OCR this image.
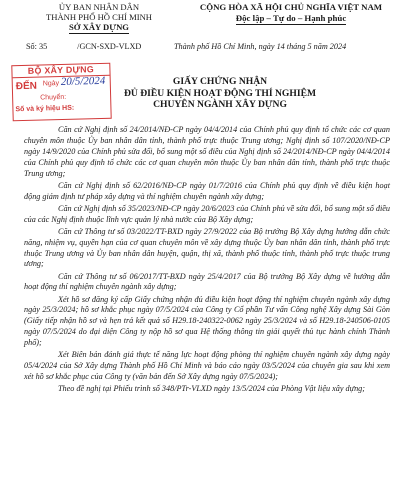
ỦY BAN NHÂN DÂN
THÀNH PHỐ HỒ CHÍ MINH
SỞ XÂY DỰNG
CỘNG HÒA XÃ HỘI CHỦ NGHĨA VIỆT NAM
Độc lập – Tự do – Hạnh phúc
Số: 35	/GCN-SXD-VLXD	Thành phố Hồ Chí Minh, ngày 14 tháng 5 năm 2024
BỘ XÂY DỰNG
ĐẾN Ngày 20/5/2024
Chuyển:
Số và ký hiệu HS:
GIẤY CHỨNG NHẬN
ĐỦ ĐIỀU KIỆN HOẠT ĐỘNG THÍ NGHIỆM
CHUYÊN NGÀNH XÂY DỰNG

Căn cứ Nghị định số 24/2014/NĐ-CP ngày 04/4/2014 của Chính phủ quy định tổ chức các cơ quan chuyên môn thuộc Ủy ban nhân dân tỉnh, thành phố trực thuộc Trung ương; Nghị định số 107/2020/NĐ-CP ngày 14/9/2020 của Chính phủ sửa đổi, bổ sung một số điều của Nghị định số 24/2014/NĐ-CP ngày 04/4/2014 của Chính phủ quy định tổ chức các cơ quan chuyên môn thuộc Ủy ban nhân dân tỉnh, thành phố trực thuộc Trung ương;

Căn cứ Nghị định số 62/2016/NĐ-CP ngày 01/7/2016 của Chính phủ quy định về điều kiện hoạt động giám định tư pháp xây dựng và thí nghiệm chuyên ngành xây dựng;

Căn cứ Nghị định số 35/2023/NĐ-CP ngày 20/6/2023 của Chính phủ về sửa đổi, bổ sung một số điều của các Nghị định thuộc lĩnh vực quản lý nhà nước của Bộ Xây dựng;

Căn cứ Thông tư số 03/2022/TT-BXD ngày 27/9/2022 của Bộ trưởng Bộ Xây dựng hướng dẫn chức năng, nhiệm vụ, quyền hạn của cơ quan chuyên môn về xây dựng thuộc Ủy ban nhân dân tỉnh, thành phố trực thuộc Trung ương và Ủy ban nhân dân huyện, quận, thị xã, thành phố thuộc tỉnh, thành phố trực thuộc trung ương;

Căn cứ Thông tư số 06/2017/TT-BXD ngày 25/4/2017 của Bộ trưởng Bộ Xây dựng về hướng dẫn hoạt động thí nghiệm chuyên ngành xây dựng;

Xét hồ sơ đăng ký cấp Giấy chứng nhận đủ điều kiện hoạt động thí nghiệm chuyên ngành xây dựng ngày 25/3/2024; hồ sơ khắc phục ngày 07/5/2024 của Công ty Cổ phần Tư vấn Công nghệ Xây dựng Sài Gòn (Giấy tiếp nhận hồ sơ và hẹn trả kết quả số H29.18-240322-0062 ngày 25/3/2024 và số H29.18-240506-0105 ngày 07/5/2024 do đại diện Công ty nộp hồ sơ qua Hệ thống thông tin giải quyết thủ tục hành chính Thành phố);

Xét Biên bản đánh giá thực tế năng lực hoạt động phòng thí nghiệm chuyên ngành xây dựng ngày 05/4/2024 của Sở Xây dựng Thành phố Hồ Chí Minh và báo cáo ngày 03/5/2024 của chuyên gia sau khi xem xét hồ sơ khắc phục của Công ty (văn bản đến Sở Xây dựng ngày 07/5/2024);

Theo đề nghị tại Phiếu trình số 348/PTr-VLXD ngày 13/5/2024 của Phòng Vật liệu xây dựng;
